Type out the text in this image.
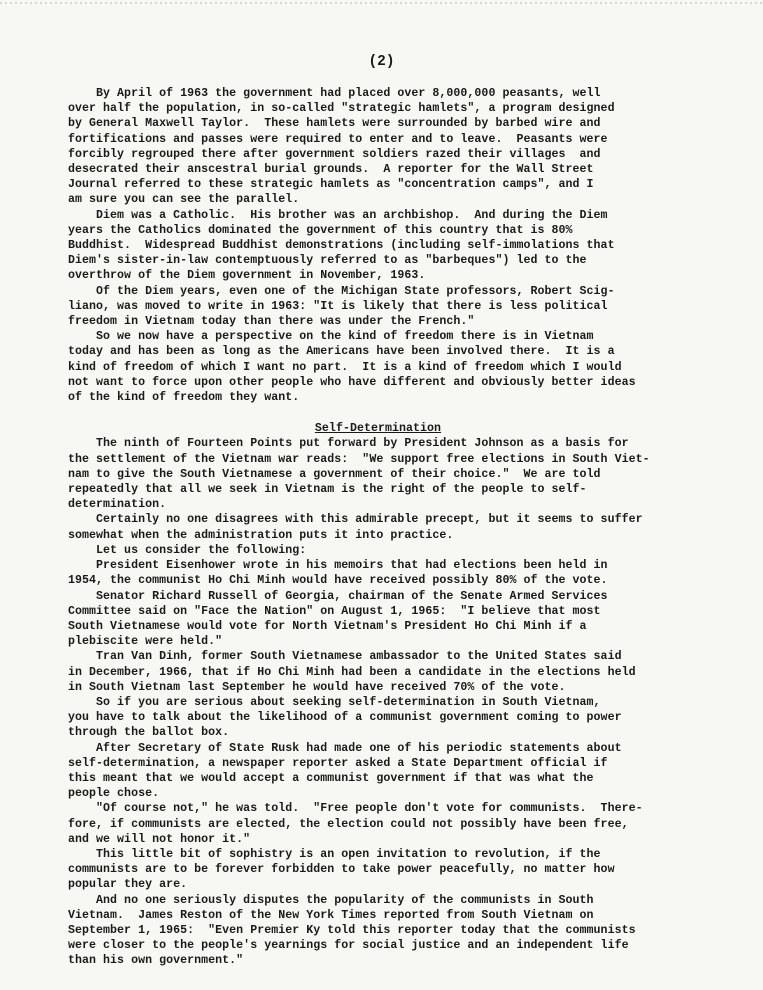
(2)

By April of 1963 the government had placed over 8,000,000 peasants, well
over half the population, in so-called "strategic hamlets", a program designed
by General Maxwell Taylor.  These hamlets were surrounded by barbed wire and
fortifications and passes were required to enter and to leave.  Peasants were
forcibly regrouped there after government soldiers razed their villages  and
desecrated their anscestral burial grounds.  A reporter for the Wall Street
Journal referred to these strategic hamlets as "concentration camps", and I
am sure you can see the parallel.

Diem was a Catholic.  His brother was an archbishop.  And during the Diem
years the Catholics dominated the government of this country that is 80%
Buddhist.  Widespread Buddhist demonstrations (including self-immolations that
Diem's sister-in-law contemptuously referred to as "barbeques") led to the
overthrow of the Diem government in November, 1963.

Of the Diem years, even one of the Michigan State professors, Robert Scig-
liano, was moved to write in 1963: "It is likely that there is less political
freedom in Vietnam today than there was under the French."

So we now have a perspective on the kind of freedom there is in Vietnam
today and has been as long as the Americans have been involved there.  It is a
kind of freedom of which I want no part.  It is a kind of freedom which I would
not want to force upon other people who have different and obviously better ideas
of the kind of freedom they want.

Self-Determination

The ninth of Fourteen Points put forward by President Johnson as a basis for
the settlement of the Vietnam war reads:  "We support free elections in South Viet-
nam to give the South Vietnamese a government of their choice."  We are told
repeatedly that all we seek in Vietnam is the right of the people to self-
determination.

Certainly no one disagrees with this admirable precept, but it seems to suffer
somewhat when the administration puts it into practice.

Let us consider the following:

President Eisenhower wrote in his memoirs that had elections been held in
1954, the communist Ho Chi Minh would have received possibly 80% of the vote.

Senator Richard Russell of Georgia, chairman of the Senate Armed Services
Committee said on "Face the Nation" on August 1, 1965:  "I believe that most
South Vietnamese would vote for North Vietnam's President Ho Chi Minh if a
plebiscite were held."

Tran Van Dinh, former South Vietnamese ambassador to the United States said
in December, 1966, that if Ho Chi Minh had been a candidate in the elections held
in South Vietnam last September he would have received 70% of the vote.

So if you are serious about seeking self-determination in South Vietnam,
you have to talk about the likelihood of a communist government coming to power
through the ballot box.

After Secretary of State Rusk had made one of his periodic statements about
self-determination, a newspaper reporter asked a State Department official if
this meant that we would accept a communist government if that was what the
people chose.

"Of course not," he was told.  "Free people don't vote for communists.  There-
fore, if communists are elected, the election could not possibly have been free,
and we will not honor it."

This little bit of sophistry is an open invitation to revolution, if the
communists are to be forever forbidden to take power peacefully, no matter how
popular they are.

And no one seriously disputes the popularity of the communists in South
Vietnam.  James Reston of the New York Times reported from South Vietnam on
September 1, 1965:  "Even Premier Ky told this reporter today that the communists
were closer to the people's yearnings for social justice and an independent life
than his own government."
